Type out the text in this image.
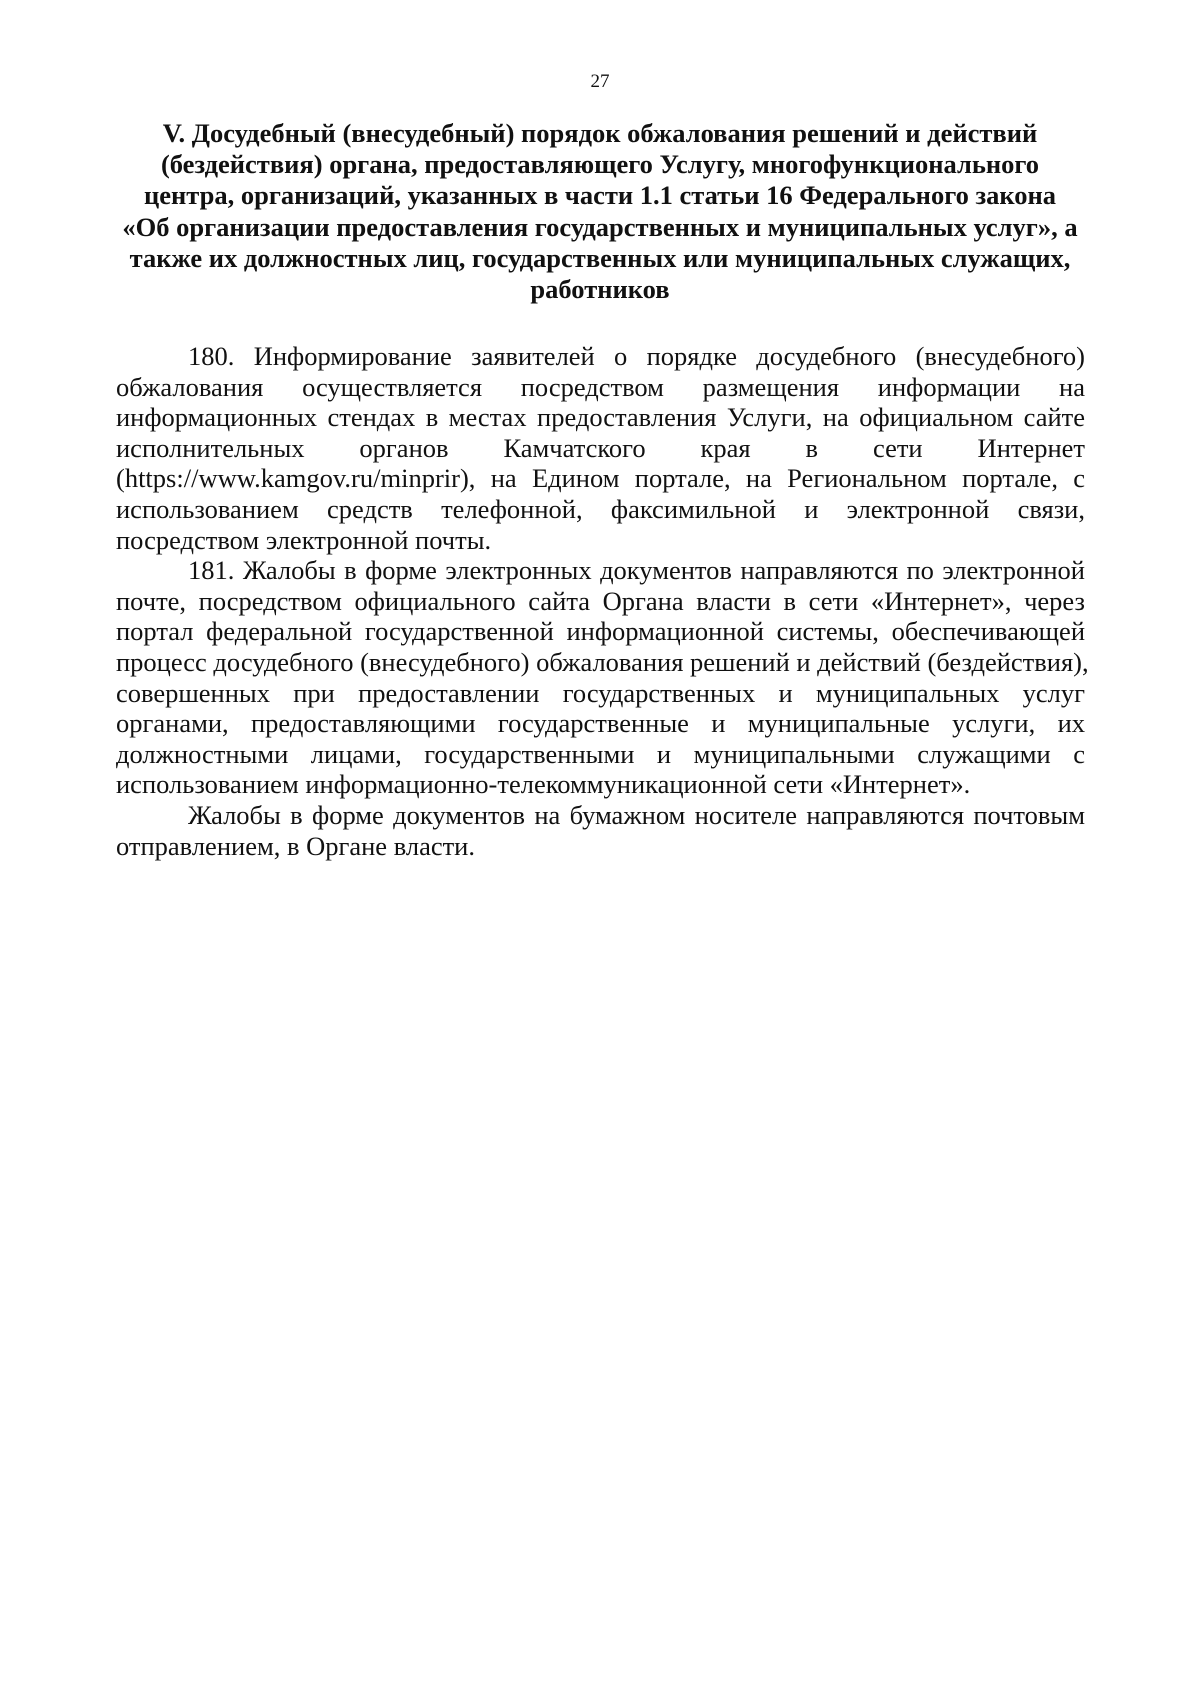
27
V. Досудебный (внесудебный) порядок обжалования решений и действий
(бездействия) органа, предоставляющего Услугу, многофункционального
центра, организаций, указанных в части 1.1 статьи 16 Федерального закона
«Об организации предоставления государственных и муниципальных услуг», а
также их должностных лиц, государственных или муниципальных служащих,
работников

180. Информирование заявителей о порядке досудебного (внесудебного)
обжалования осуществляется посредством размещения информации на
информационных стендах в местах предоставления Услуги, на официальном сайте
исполнительных органов Камчатского края в сети Интернет
(https://www.kamgov.ru/minprir), на Едином портале, на Региональном портале, с
использованием средств телефонной, факсимильной и электронной связи,
посредством электронной почты.

181. Жалобы в форме электронных документов направляются по электронной
почте, посредством официального сайта Органа власти в сети «Интернет», через
портал федеральной государственной информационной системы, обеспечивающей
процесс досудебного (внесудебного) обжалования решений и действий (бездействия),
совершенных при предоставлении государственных и муниципальных услуг
органами, предоставляющими государственные и муниципальные услуги, их
должностными лицами, государственными и муниципальными служащими с
использованием информационно-телекоммуникационной сети «Интернет».

Жалобы в форме документов на бумажном носителе направляются почтовым
отправлением, в Органе власти.
